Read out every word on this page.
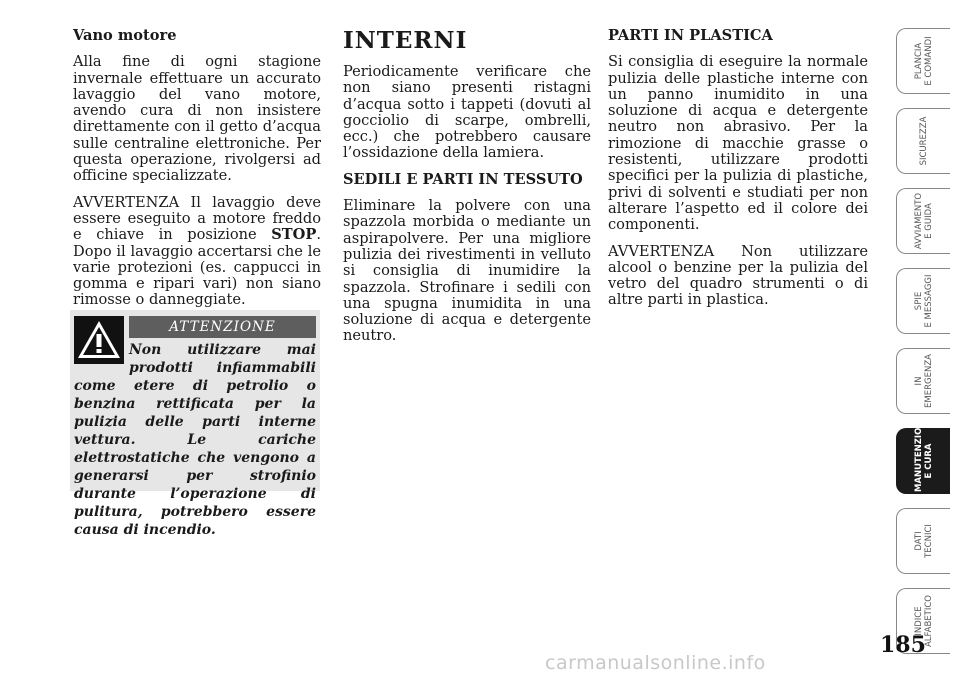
Vano motore

Alla fine di ogni stagione invernale effettuare un accurato lavaggio del vano motore, avendo cura di non insistere direttamente con il getto d’acqua sulle centraline elettroniche. Per questa operazione, rivolgersi ad officine specializzate.

AVVERTENZA Il lavaggio deve essere eseguito a motore freddo e chiave in posizione STOP. Dopo il lavaggio accertarsi che le varie protezioni (es. cappucci in gomma e ripari vari) non siano rimosse o danneggiate.

ATTENZIONE

Non utilizzare mai prodotti infiammabili come etere di petrolio o benzina rettificata per la pulizia delle parti interne vettura. Le cariche elettrostatiche che vengono a generarsi per strofinio durante l’operazione di pulitura, potrebbero essere causa di incendio.

INTERNI

Periodicamente verificare che non siano presenti ristagni d’acqua sotto i tappeti (dovuti al gocciolio di scarpe, ombrelli, ecc.) che potrebbero causare l’ossidazione della lamiera.

SEDILI E PARTI IN TESSUTO

Eliminare la polvere con una spazzola morbida o mediante un aspirapolvere. Per una migliore pulizia dei rivestimenti in velluto si consiglia di inumidire la spazzola. Strofinare i sedili con una spugna inumidita in una soluzione di acqua e detergente neutro.

PARTI IN PLASTICA

Si consiglia di eseguire la normale pulizia delle plastiche interne con un panno inumidito in una soluzione di acqua e detergente neutro non abrasivo. Per la rimozione di macchie grasse o resistenti, utilizzare prodotti specifici per la pulizia di plastiche, privi di solventi e studiati per non alterare l’aspetto ed il colore dei componenti.

AVVERTENZA Non utilizzare alcool o benzine per la pulizia del vetro del quadro strumenti o di altre parti in plastica.

PLANCIA
E COMANDI
SICUREZZA
AVVIAMENTO
E GUIDA
SPIE
E MESSAGGI
IN
EMERGENZA
MANUTENZIONE
E CURA
DATI
TECNICI
INDICE
ALFABETICO
185
carmanualsonline.info
